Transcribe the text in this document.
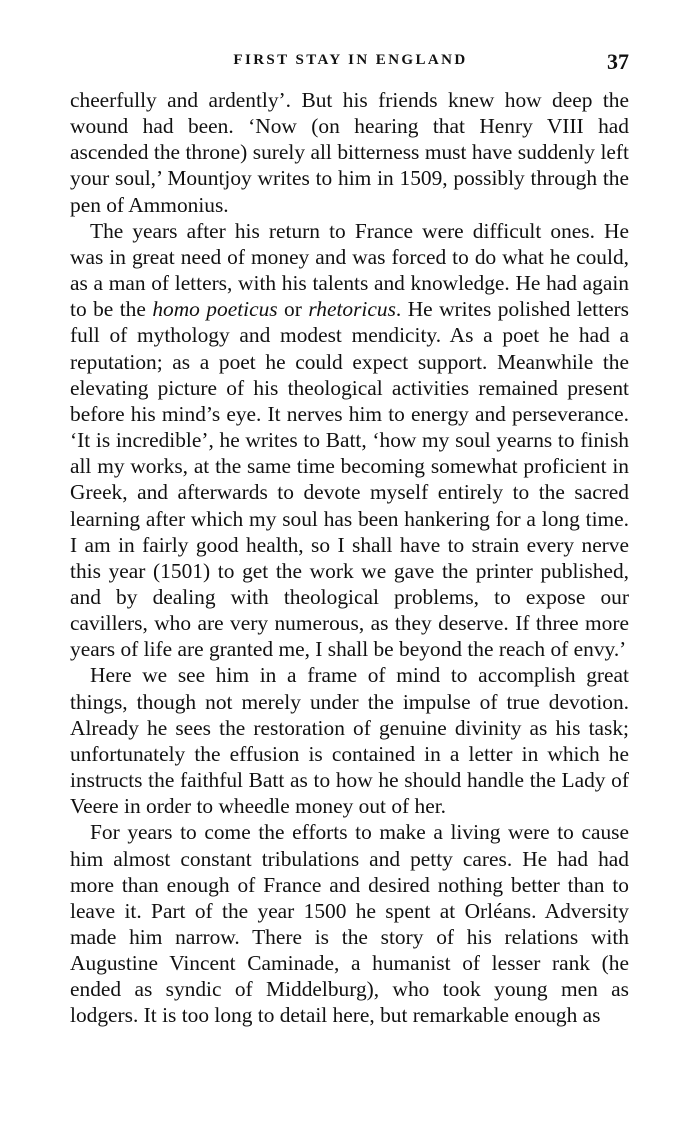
FIRST STAY IN ENGLAND	37

cheerfully and ardently’. But his friends knew how deep the wound had been. ‘Now (on hearing that Henry VIII had ascended the throne) surely all bitterness must have suddenly left your soul,’ Mountjoy writes to him in 1509, possibly through the pen of Ammonius.

The years after his return to France were difficult ones. He was in great need of money and was forced to do what he could, as a man of letters, with his talents and knowledge. He had again to be the homo poeticus or rhetoricus. He writes polished letters full of mythology and modest mendicity. As a poet he had a reputation; as a poet he could expect support. Meanwhile the elevating picture of his theological activities remained present before his mind’s eye. It nerves him to energy and perseverance. ‘It is incredible’, he writes to Batt, ‘how my soul yearns to finish all my works, at the same time becoming somewhat proficient in Greek, and afterwards to devote myself entirely to the sacred learning after which my soul has been hankering for a long time. I am in fairly good health, so I shall have to strain every nerve this year (1501) to get the work we gave the printer published, and by dealing with theological problems, to expose our cavillers, who are very numerous, as they deserve. If three more years of life are granted me, I shall be beyond the reach of envy.’

Here we see him in a frame of mind to accomplish great things, though not merely under the impulse of true devotion. Already he sees the restoration of genuine divinity as his task; unfortunately the effusion is contained in a letter in which he instructs the faithful Batt as to how he should handle the Lady of Veere in order to wheedle money out of her.

For years to come the efforts to make a living were to cause him almost constant tribulations and petty cares. He had had more than enough of France and desired nothing better than to leave it. Part of the year 1500 he spent at Orléans. Adversity made him narrow. There is the story of his relations with Augustine Vincent Caminade, a humanist of lesser rank (he ended as syndic of Middelburg), who took young men as lodgers. It is too long to detail here, but remarkable enough as
